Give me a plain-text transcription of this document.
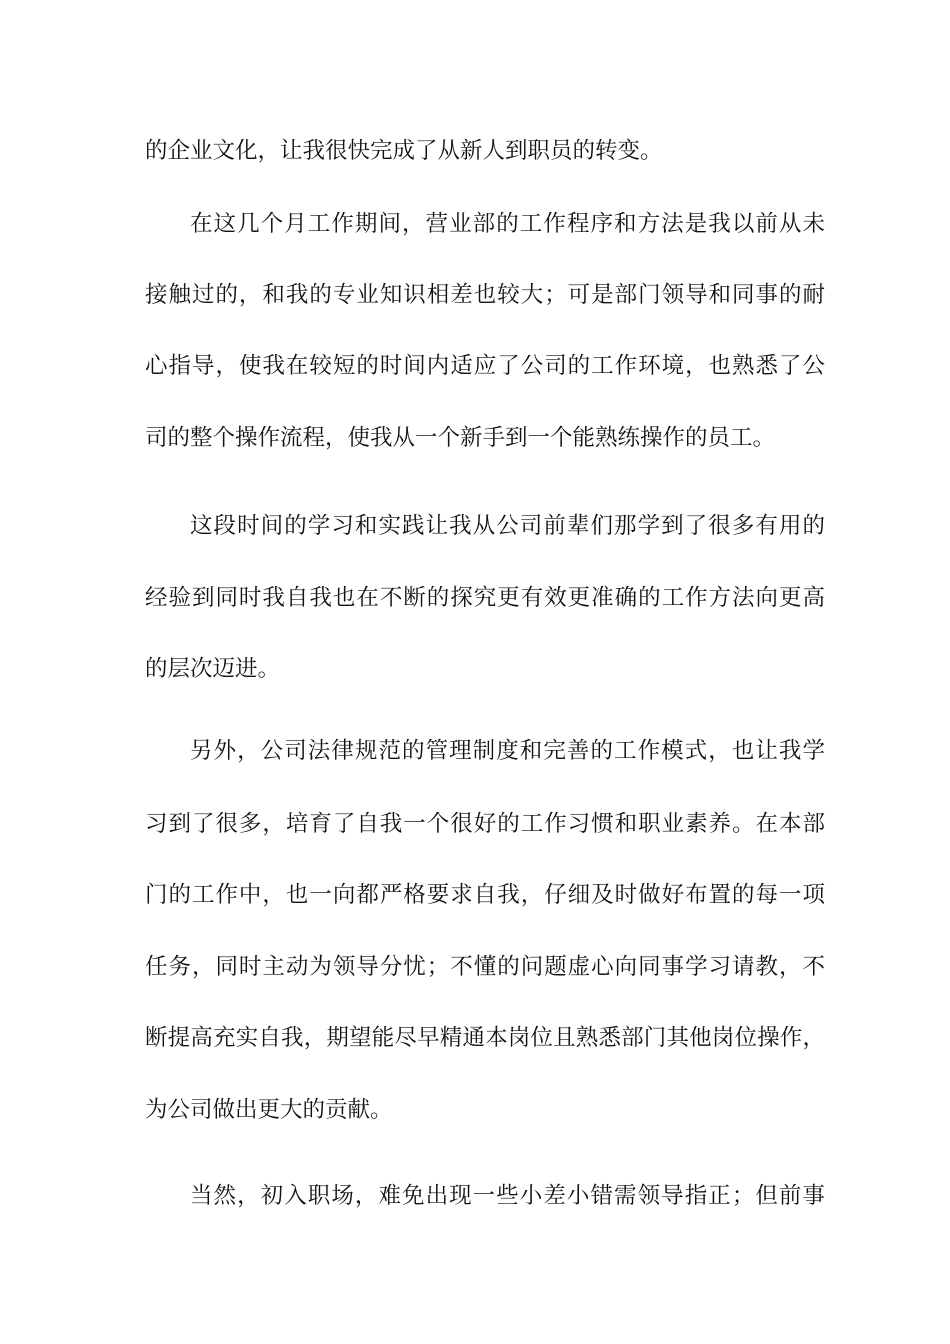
的企业文化，让我很快完成了从新人到职员的转变。
在这几个月工作期间，营业部的工作程序和方法是我以前从未
接触过的，和我的专业知识相差也较大；可是部门领导和同事的耐
心指导，使我在较短的时间内适应了公司的工作环境，也熟悉了公
司的整个操作流程，使我从一个新手到一个能熟练操作的员工。
这段时间的学习和实践让我从公司前辈们那学到了很多有用的
经验到同时我自我也在不断的探究更有效更准确的工作方法向更高
的层次迈进。
另外，公司法律规范的管理制度和完善的工作模式，也让我学
习到了很多，培育了自我一个很好的工作习惯和职业素养。在本部
门的工作中，也一向都严格要求自我，仔细及时做好布置的每一项
任务，同时主动为领导分忧；不懂的问题虚心向同事学习请教，不
断提高充实自我，期望能尽早精通本岗位且熟悉部门其他岗位操作，
为公司做出更大的贡献。
当然，初入职场，难免出现一些小差小错需领导指正；但前事
